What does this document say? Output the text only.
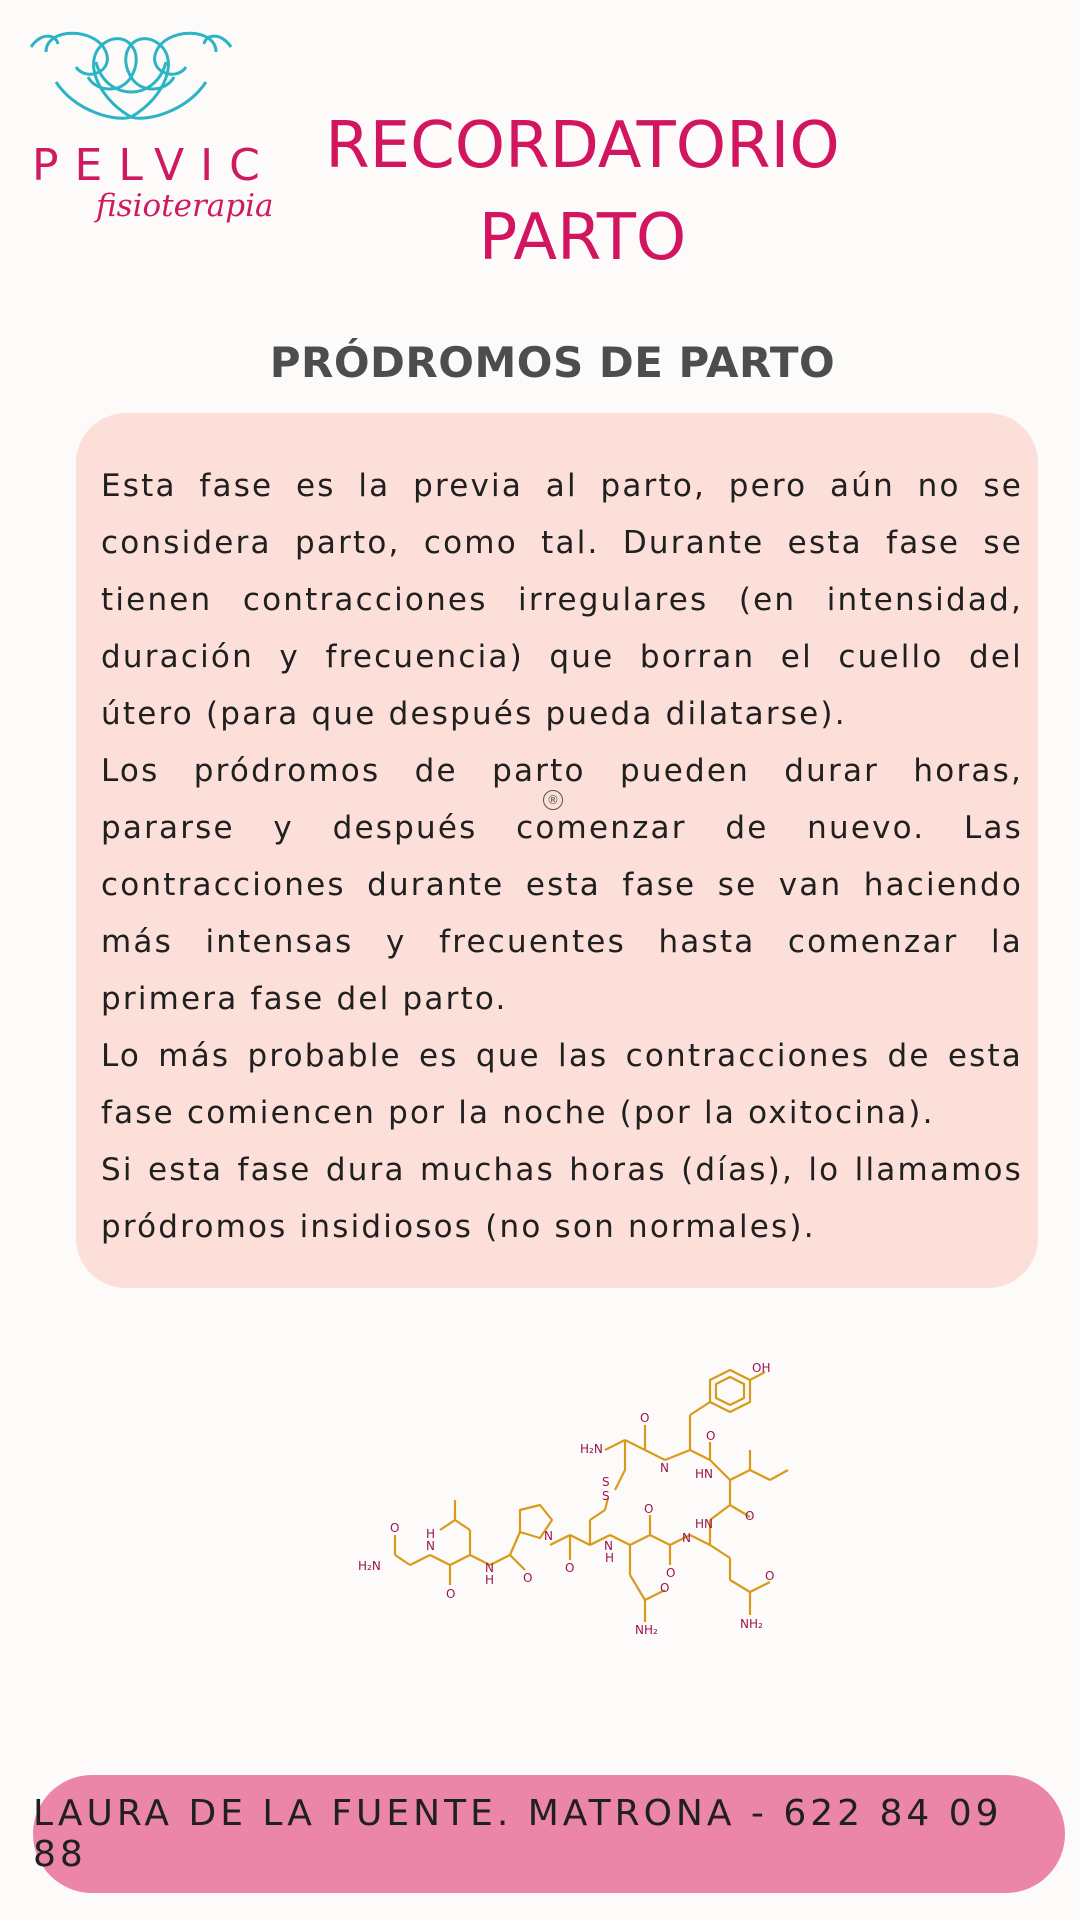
PELVIC
fisioterapia
RECORDATORIO
PARTO
PRÓDROMOS DE PARTO

Esta fase es la previa al parto, pero aún no se considera parto, como tal. Durante esta fase se tienen contracciones irregulares (en intensidad, duración y frecuencia) que borran el cuello del útero (para que después pueda dilatarse).

Los pródromos de parto pueden durar horas, pararse y después comenzar de nuevo. Las contracciones durante esta fase se van haciendo más intensas y frecuentes hasta comenzar la primera fase del parto.

Lo más probable es que las contracciones de esta fase comiencen por la noche (por la oxitocina).

Si esta fase dura muchas horas (días), lo llamamos pródromos insidiosos (no son normales).

®
OH
H₂N
O
N
O
HN
O
HN
S
S
O
O
N
O
NH₂
NH₂
O
N
H
O
N
O
N
H
O
N
H
O
H₂N
LAURA DE LA FUENTE. MATRONA - 622 84 09 88
